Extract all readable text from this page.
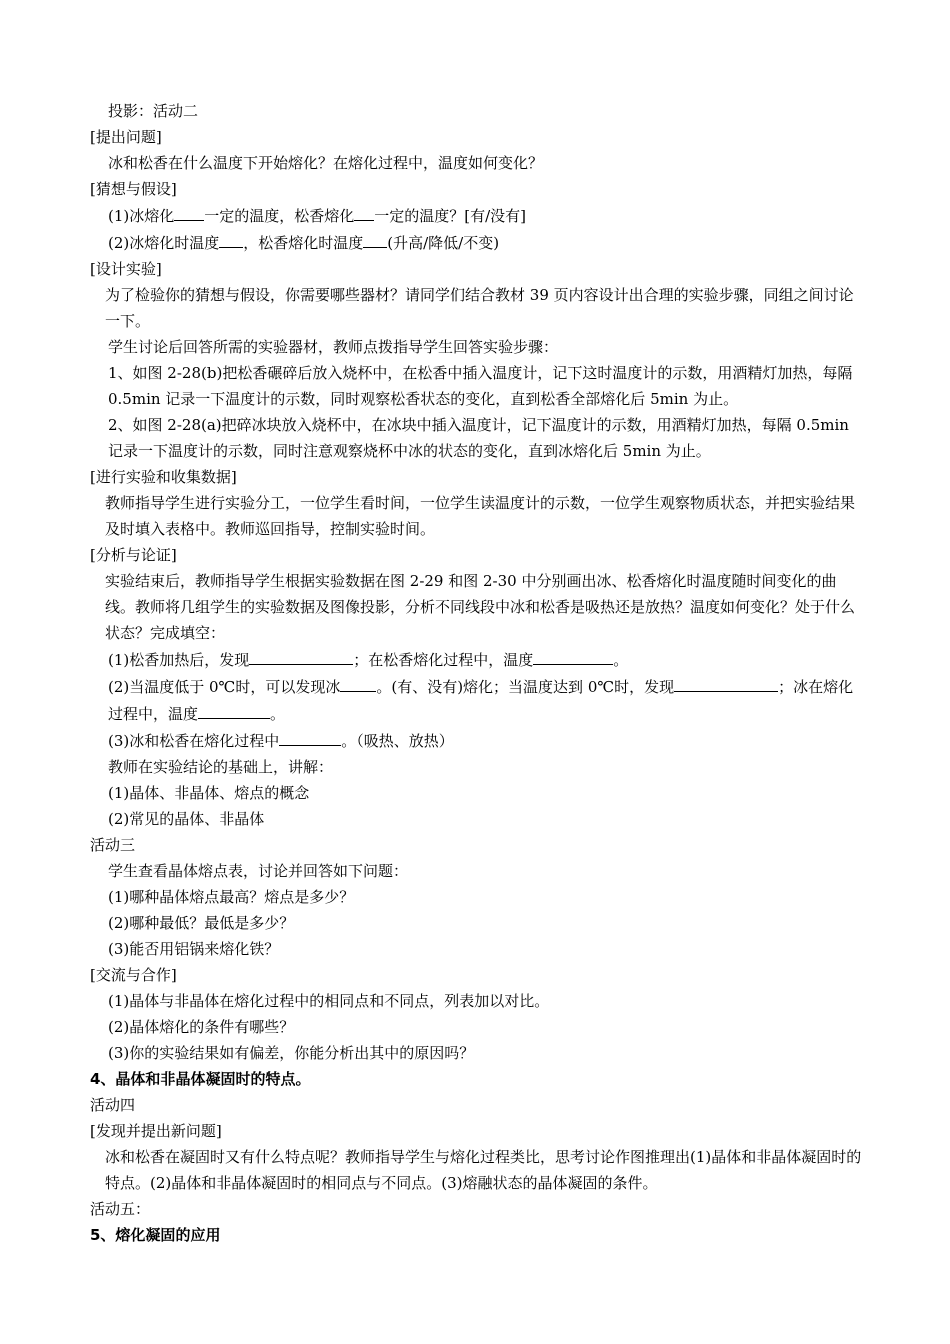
投影：活动二

[提出问题]

冰和松香在什么温度下开始熔化？在熔化过程中，温度如何变化？

[猜想与假设]

(1)冰熔化 一定的温度，松香熔化 一定的温度？[有/没有]

(2)冰熔化时温度 ，松香熔化时温度 (升高/降低/不变)

[设计实验]

为了检验你的猜想与假设，你需要哪些器材？请同学们结合教材 39 页内容设计出合理的实验步骤，同组之间讨论一下。

学生讨论后回答所需的实验器材，教师点拨指导学生回答实验步骤：

1、如图 2-28(b)把松香碾碎后放入烧杯中，在松香中插入温度计，记下这时温度计的示数，用酒精灯加热，每隔 0.5min 记录一下温度计的示数，同时观察松香状态的变化，直到松香全部熔化后 5min 为止。

2、如图 2-28(a)把碎冰块放入烧杯中，在冰块中插入温度计，记下温度计的示数，用酒精灯加热，每隔 0.5min 记录一下温度计的示数，同时注意观察烧杯中冰的状态的变化，直到冰熔化后 5min 为止。

[进行实验和收集数据]

教师指导学生进行实验分工，一位学生看时间，一位学生读温度计的示数，一位学生观察物质状态，并把实验结果及时填入表格中。教师巡回指导，控制实验时间。

[分析与论证]

实验结束后，教师指导学生根据实验数据在图 2-29 和图 2-30 中分别画出冰、松香熔化时温度随时间变化的曲线。教师将几组学生的实验数据及图像投影，分析不同线段中冰和松香是吸热还是放热？温度如何变化？处于什么状态？完成填空：

(1)松香加热后，发现	；在松香熔化过程中，温度	。

(2)当温度低于 0℃时，可以发现冰 。(有、没有)熔化；当温度达到 0℃时，发现	；冰在熔化过程中，温度	。

(3)冰和松香在熔化过程中	。（吸热、放热）

教师在实验结论的基础上，讲解：

(1)晶体、非晶体、熔点的概念

(2)常见的晶体、非晶体

活动三

学生查看晶体熔点表，讨论并回答如下问题：

(1)哪种晶体熔点最高？熔点是多少？

(2)哪种最低？最低是多少？

(3)能否用铝锅来熔化铁？

[交流与合作]

(1)晶体与非晶体在熔化过程中的相同点和不同点，列表加以对比。

(2)晶体熔化的条件有哪些？

(3)你的实验结果如有偏差，你能分析出其中的原因吗？

4、晶体和非晶体凝固时的特点。

活动四

[发现并提出新问题]

冰和松香在凝固时又有什么特点呢？教师指导学生与熔化过程类比，思考讨论作图推理出(1)晶体和非晶体凝固时的特点。(2)晶体和非晶体凝固时的相同点与不同点。(3)熔融状态的晶体凝固的条件。

活动五：

5、熔化凝固的应用
